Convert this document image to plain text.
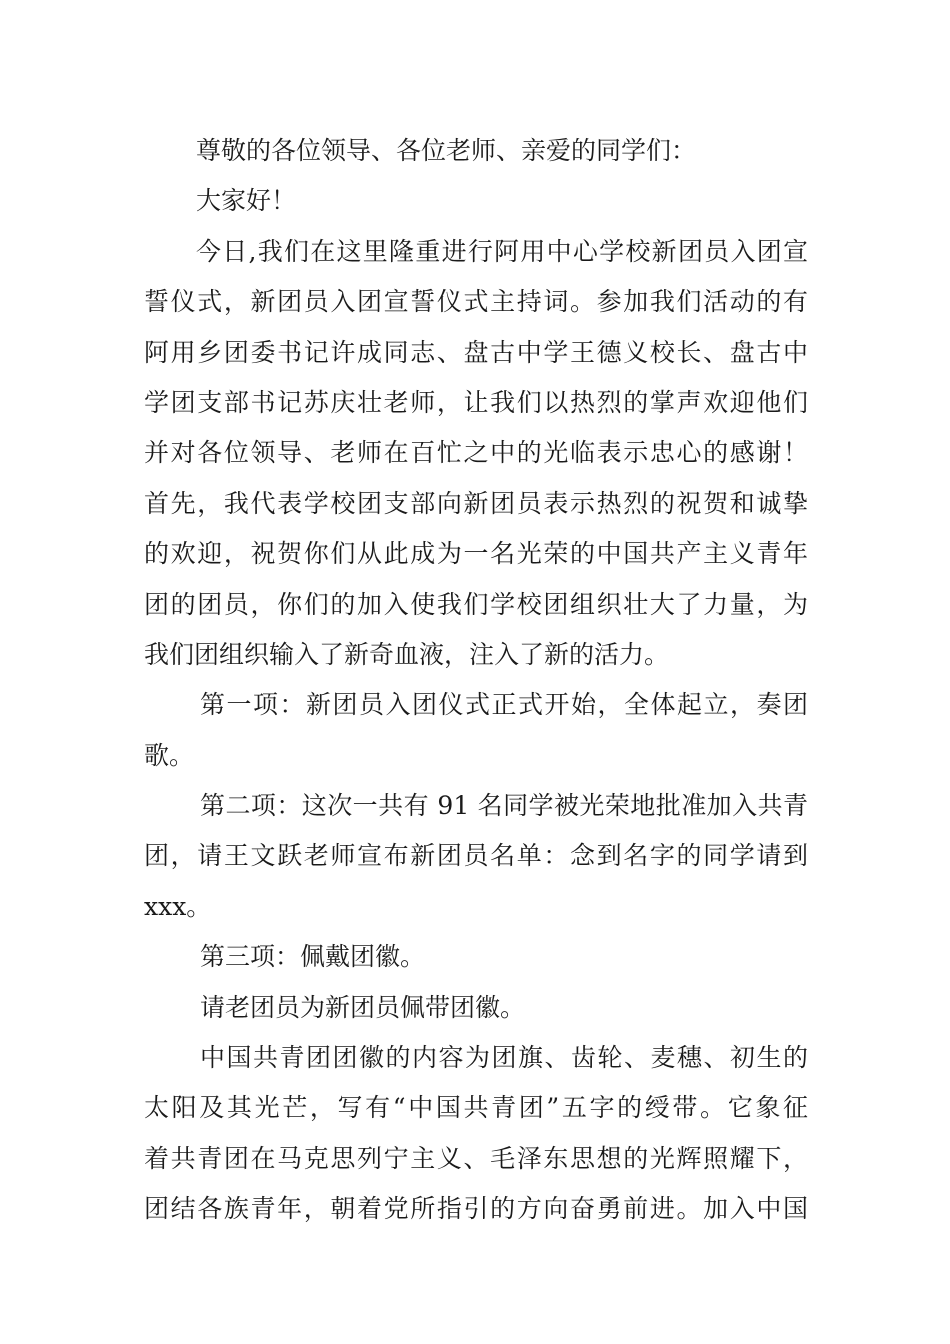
尊敬的各位领导、各位老师、亲爱的同学们：
大家好！
今日,我们在这里隆重进行阿用中心学校新团员入团宣
誓仪式，新团员入团宣誓仪式主持词。参加我们活动的有
阿用乡团委书记许成同志、盘古中学王德义校长、盘古中
学团支部书记苏庆壮老师，让我们以热烈的掌声欢迎他们
并对各位领导、老师在百忙之中的光临表示忠心的感谢！
首先，我代表学校团支部向新团员表示热烈的祝贺和诚挚
的欢迎，祝贺你们从此成为一名光荣的中国共产主义青年
团的团员，你们的加入使我们学校团组织壮大了力量，为
我们团组织输入了新奇血液，注入了新的活力。
第一项：新团员入团仪式正式开始，全体起立，奏团
歌。
第二项：这次一共有 91 名同学被光荣地批准加入共青
团，请王文跃老师宣布新团员名单：念到名字的同学请到
xxx。
第三项：佩戴团徽。
请老团员为新团员佩带团徽。
中国共青团团徽的内容为团旗、齿轮、麦穗、初生的
太阳及其光芒，写有“中国共青团”五字的绶带。它象征
着共青团在马克思列宁主义、毛泽东思想的光辉照耀下，
团结各族青年，朝着党所指引的方向奋勇前进。加入中国
